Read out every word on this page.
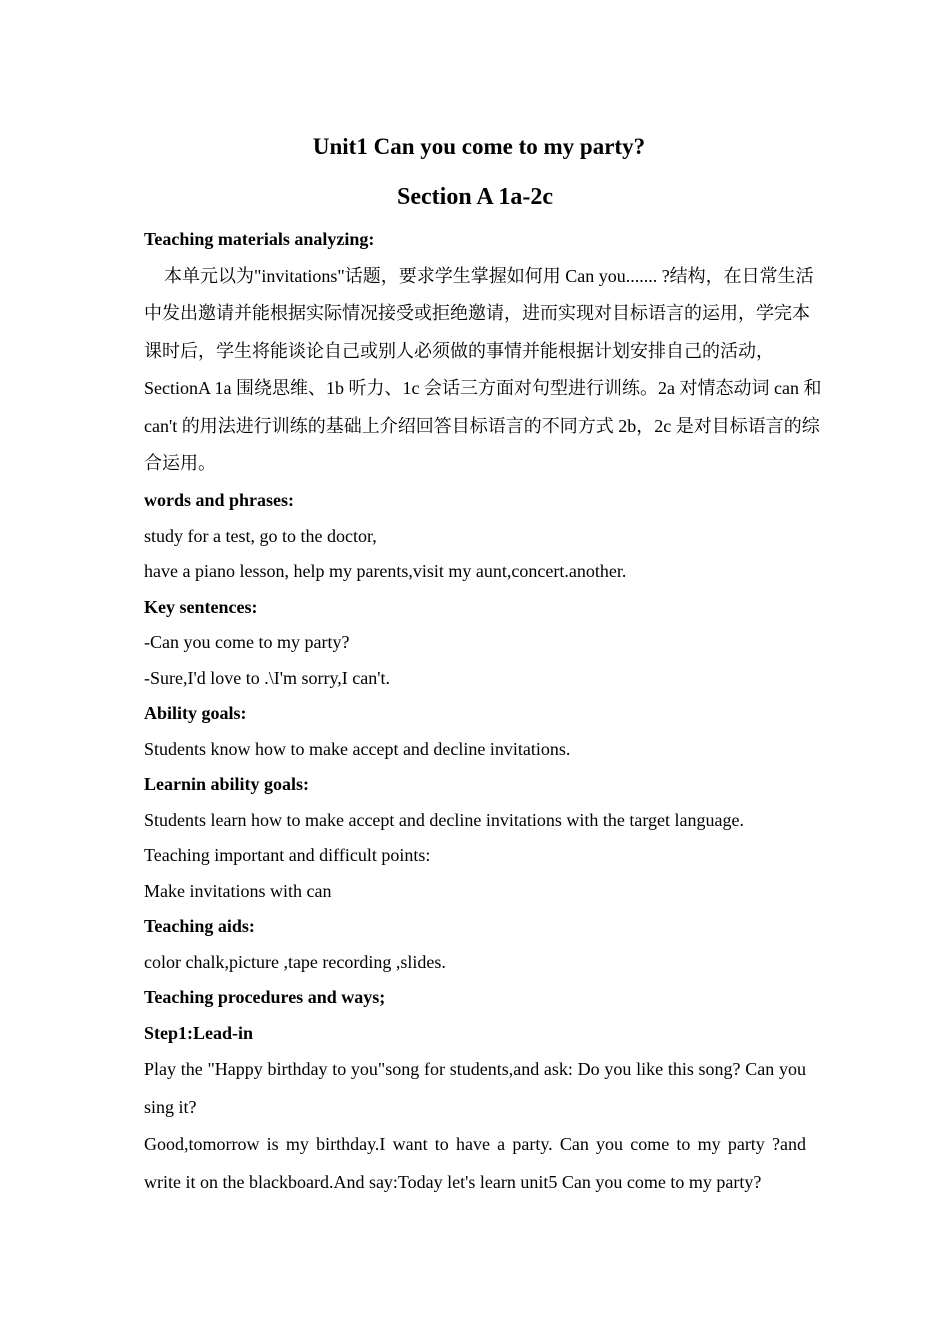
Unit1 Can you come to my party?
Section A 1a-2c

Teaching materials analyzing:

本单元以为"invitations"话题，要求学生掌握如何用 Can you....... ?结构，在日常生活中发出邀请并能根据实际情况接受或拒绝邀请，进而实现对目标语言的运用，学完本课时后，学生将能谈论自己或别人必须做的事情并能根据计划安排自己的活动，SectionA 1a 围绕思维、1b 听力、1c 会话三方面对句型进行训练。2a 对情态动词 can 和 can't 的用法进行训练的基础上介绍回答目标语言的不同方式 2b，2c 是对目标语言的综合运用。

words and phrases:

study for a test, go to the doctor,

have a piano lesson, help my parents,visit my aunt,concert.another.

Key sentences:

-Can you come to my party?

-Sure,I'd love to .\I'm sorry,I can't.

Ability goals:

Students know how to make accept and decline invitations.

Learnin ability goals:

Students learn how to make accept and decline invitations with the target language.

Teaching important and difficult points:

Make invitations with can

Teaching aids:

color chalk,picture ,tape recording ,slides.

Teaching procedures and ways;

Step1:Lead-in

Play the "Happy birthday to you"song for students,and ask: Do you like this song? Can you sing it?

Good,tomorrow is my birthday.I want to have a party. Can you come to my party ?and write it on the blackboard.And say:Today let's learn unit5 Can you come to my party?
